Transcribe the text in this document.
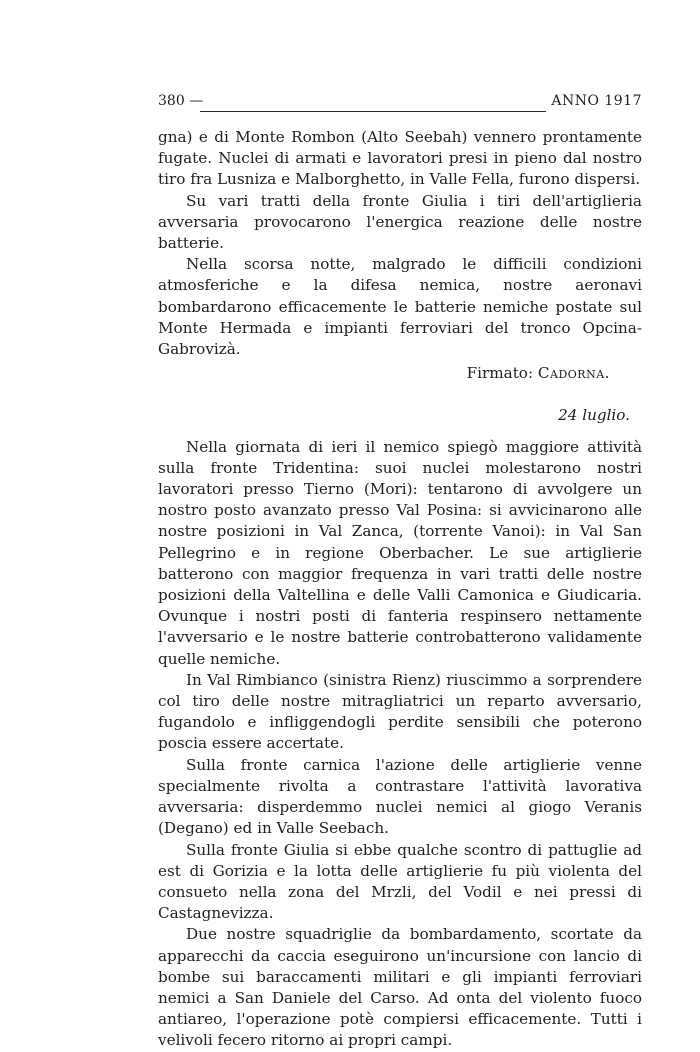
380 —	ANNO 1917

gna) e di Monte Rombon (Alto Seebah) vennero prontamente fugate. Nuclei di armati e lavoratori presi in pieno dal nostro tiro fra Lusniza e Malborghetto, in Valle Fella, furono dispersi.

Su vari tratti della fronte Giulia i tiri dell'artiglieria avversaria provocarono l'energica reazione delle nostre batterie.

Nella scorsa notte, malgrado le difficili condizioni atmosferiche e la difesa nemica, nostre aeronavi bombardarono efficacemente le batterie nemiche postate sul Monte Hermada e impianti ferroviari del tronco Opcina-Gabrovizà.

Firmato: Cadorna.

24 luglio.

Nella giornata di ieri il nemico spiegò maggiore attività sulla fronte Tridentina: suoi nuclei molestarono nostri lavoratori presso Tierno (Mori): tentarono di avvolgere un nostro posto avanzato presso Val Posina: si avvicinarono alle nostre posizioni in Val Zanca, (torrente Vanoi): in Val San Pellegrino e in regione Oberbacher. Le sue artiglierie batterono con maggior frequenza in vari tratti delle nostre posizioni della Valtellina e delle Valli Camonica e Giudicaria. Ovunque i nostri posti di fanteria respinsero nettamente l'avversario e le nostre batterie controbatterono validamente quelle nemiche.

In Val Rimbianco (sinistra Rienz) riuscimmo a sorprendere col tiro delle nostre mitragliatrici un reparto avversario, fugandolo e infliggendogli perdite sensibili che poterono poscia essere accertate.

Sulla fronte carnica l'azione delle artiglierie venne specialmente rivolta a contrastare l'attività lavorativa avversaria: disperdemmo nuclei nemici al giogo Veranis (Degano) ed in Valle Seebach.

Sulla fronte Giulia si ebbe qualche scontro di pattuglie ad est di Gorizia e la lotta delle artiglierie fu più violenta del consueto nella zona del Mrzli, del Vodil e nei pressi di Castagnevizza.

Due nostre squadriglie da bombardamento, scortate da apparecchi da caccia eseguirono un'incursione con lancio di bombe sui baraccamenti militari e gli impianti ferroviari nemici a San Daniele del Carso. Ad onta del violento fuoco antiareo, l'operazione potè compiersi efficacemente. Tutti i velivoli fecero ritorno ai propri campi.
